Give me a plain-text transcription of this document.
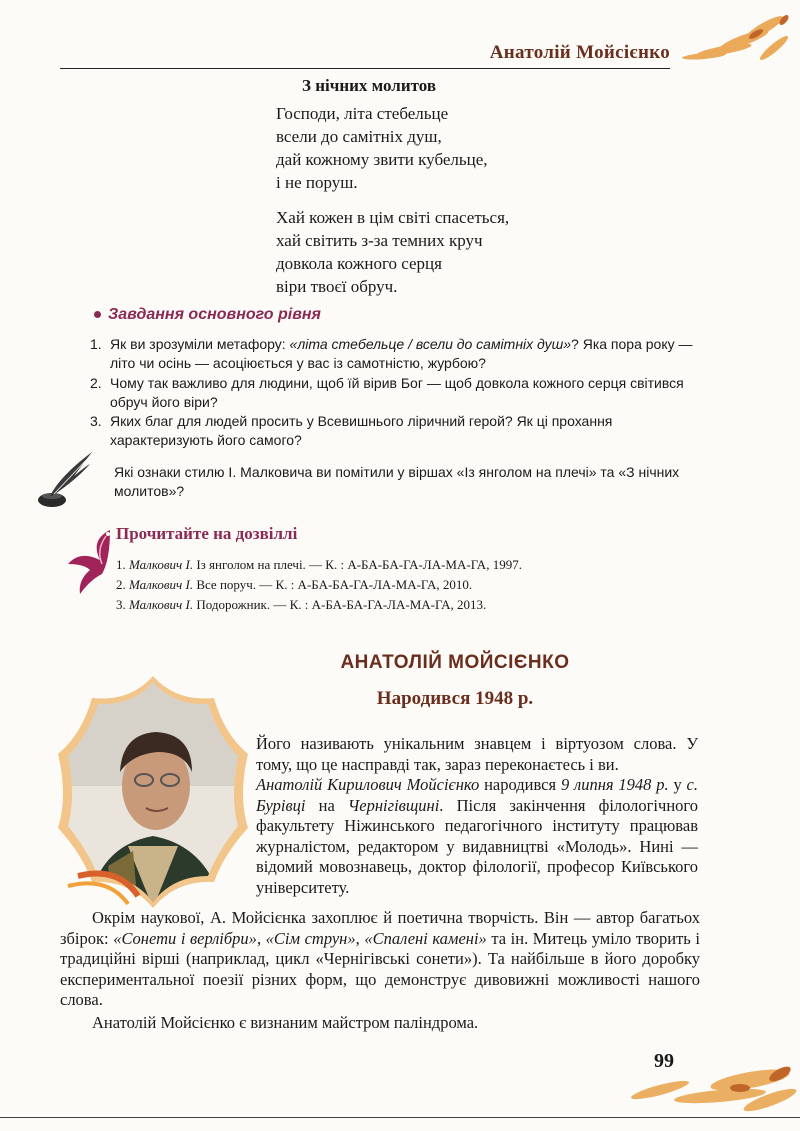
Анатолій Мойсієнко
З нічних молитов
Господи, літа стебельце
всели до самітніх душ,
дай кожному звити кубельце,
і не поруш.
Хай кожен в цім світі спасеться,
хай світить з-за темних круч
довкола кожного серця
віри твоєї обруч.
Завдання основного рівня
1. Як ви зрозуміли метафору: «літа стебельце / всели до самітніх душ»? Яка пора року — літо чи осінь — асоціюється у вас із самотністю, журбою?
2. Чому так важливо для людини, щоб їй вірив Бог — щоб довкола кожного серця світився обруч його віри?
3. Яких благ для людей просить у Всевишнього ліричний герой? Як ці прохання характеризують його самого?
Які ознаки стилю І. Малковича ви помітили у віршах «Із янголом на плечі» та «З нічних молитов»?
Прочитайте на дозвіллі
1. Малкович І. Із янголом на плечі. — К. : А-БА-БА-ГА-ЛА-МА-ГА, 1997.
2. Малкович І. Все поруч. — К. : А-БА-БА-ГА-ЛА-МА-ГА, 2010.
3. Малкович І. Подорожник. — К. : А-БА-БА-ГА-ЛА-МА-ГА, 2013.
АНАТОЛІЙ МОЙСІЄНКО
Народився 1948 р.
Його називають унікальним знавцем і віртуозом слова. У тому, що це насправді так, зараз переконаєтесь і ви.
Анатолій Кирилович Мойсієнко народився 9 липня 1948 р. у с. Бурівці на Чернігівщині. Після закінчення філологічного факультету Ніжинського педагогічного інституту працював журналістом, редактором у видавництві «Молодь». Нині — відомий мовознавець, доктор філології, професор Київського університету.
Окрім наукової, А. Мойсієнка захоплює й поетична творчість. Він — автор багатьох збірок: «Сонети і верлібри», «Сім струн», «Спалені камені» та ін. Митець уміло творить і традиційні вірші (наприклад, цикл «Чернігівські сонети»). Та найбільше в його доробку експериментальної поезії різних форм, що демонструє дивовижні можливості нашого слова.
Анатолій Мойсієнко є визнаним майстром паліндрома.
99
